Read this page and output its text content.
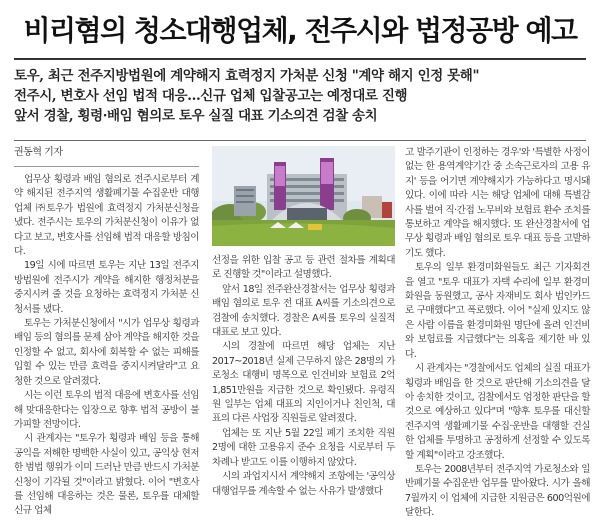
비리혐의 청소대행업체, 전주시와 법정공방 예고
토우, 최근 전주지방법원에 계약해지 효력정지 가처분 신청 "계약 해지 인정 못해"
전주시, 변호사 선임 법적 대응…신규 업체 입찰공고는 예정대로 진행
앞서 경찰, 횡령·배임 혐의로 토우 실질 대표 기소의견 검찰 송치
권동혁 기자

업무상 횡령과 배임 혐의로 전주시로부터 계약 해지된 전주지역 생활폐기물 수집운반 대행업체 ㈜토우가 법원에 효력정지 가처분신청을 냈다. 전주시는 토우의 가처분신청이 이유가 없다고 보고, 변호사를 선임해 법적 대응할 방침이다.

19일 시에 따르면 토우는 지난 13일 전주지방법원에 전주시가 계약을 해지한 행정처분을 중지시켜 줄 것을 요청하는 효력정지 가처분 신청서를 냈다.

토우는 가처분신청에서 "시가 업무상 횡령과 배임 등의 혐의를 문제 삼아 계약을 해지한 것을 인정할 수 없고, 회사에 회복할 수 없는 피해를 입힐 수 있는 만큼 효력을 중지시켜달라"고 요청한 것으로 알려졌다.

시는 이런 토우의 법적 대응에 변호사를 선임해 맞대응한다는 입장으로 향후 법적 공방이 불가피할 전망이다.

시 관계자는 "토우가 횡령과 배임 등을 통해 공익을 저해한 명백한 사실이 있고, 공익상 현저한 범법 행위가 이미 드러난 만큼 반드시 가처분 신청이 기각될 것"이라고 밝혔다. 이어 "변호사를 선임해 대응하는 것은 물론, 토우를 대체할 신규 업체

선정을 위한 입찰 공고 등 관련 절차를 계획대로 진행할 것"이라고 설명했다.

앞서 18일 전주완산경찰서는 업무상 횡령과 배임 혐의로 토우 전 대표 A씨를 기소의견으로 검찰에 송치했다. 경찰은 A씨를 토우의 실질적 대표로 보고 있다.

시의 경찰에 따르면 해당 업체는 지난 2017~2018년 실제 근무하지 않은 28명의 가로청소 대행비 명목으로 인건비와 보험료 2억 1,851만원을 지급한 것으로 확인됐다. 유령직원 일부는 업체 대표의 지인이거나 친인척, 대표의 다른 사업장 직원들로 알려졌다.

업체는 또 지난 5월 22일 폐기 조치한 직원 2명에 대한 고용유지 준수 요청을 시로부터 두차례나 받고도 이를 이행하지 않았다.

시의 과업지시서 계약해지 조항에는 '공익상 대행업무를 계속할 수 없는 사유가 발생했다

고 발주기관이 인정하는 경우'와 '특별한 사정이 없는 한 용역계약기간 중 소속근로자의 고용 유지' 등을 어기면 계약해지가 가능하다고 명시돼 있다. 이에 따라 시는 해당 업체에 대해 특별감사를 벌여 직·간접 노무비와 보험료 환수 조치를 통보하고 계약을 해지했다. 또 완산경찰서에 업무상 횡령과 배임 혐의로 토우 대표 등을 고발하기도 했다.

토우의 일부 환경미화원들도 최근 기자회견을 열고 "토우 대표가 자택 수리에 일부 환경미화원을 동원했고, 공사 자재비도 회사 법인카드로 구매했다"고 폭로했다. 이어 "실제 있지도 않은 사람 이름을 환경미화원 명단에 올려 인건비와 보험료를 지급했다"는 의혹을 제기한 바 있다.

시 관계자는 "경찰에서도 업체의 실질 대표가 횡령과 배임을 한 것으로 판단해 기소의견을 달아 송치한 것이고, 검찰에서도 엄정한 판단을 할 것으로 예상하고 있다"며 "향후 토우를 대신할 전주지역 생활폐기물 수집·운반을 대행할 건실한 업체를 투명하고 공정하게 선정할 수 있도록 할 계획"이라고 강조했다.

토우는 2008년부터 전주지역 가로청소와 일반폐기물 수집운반 업무를 맡아왔다. 시가 올해 7월까지 이 업체에 지급한 지원금은 600억원에 달한다.
